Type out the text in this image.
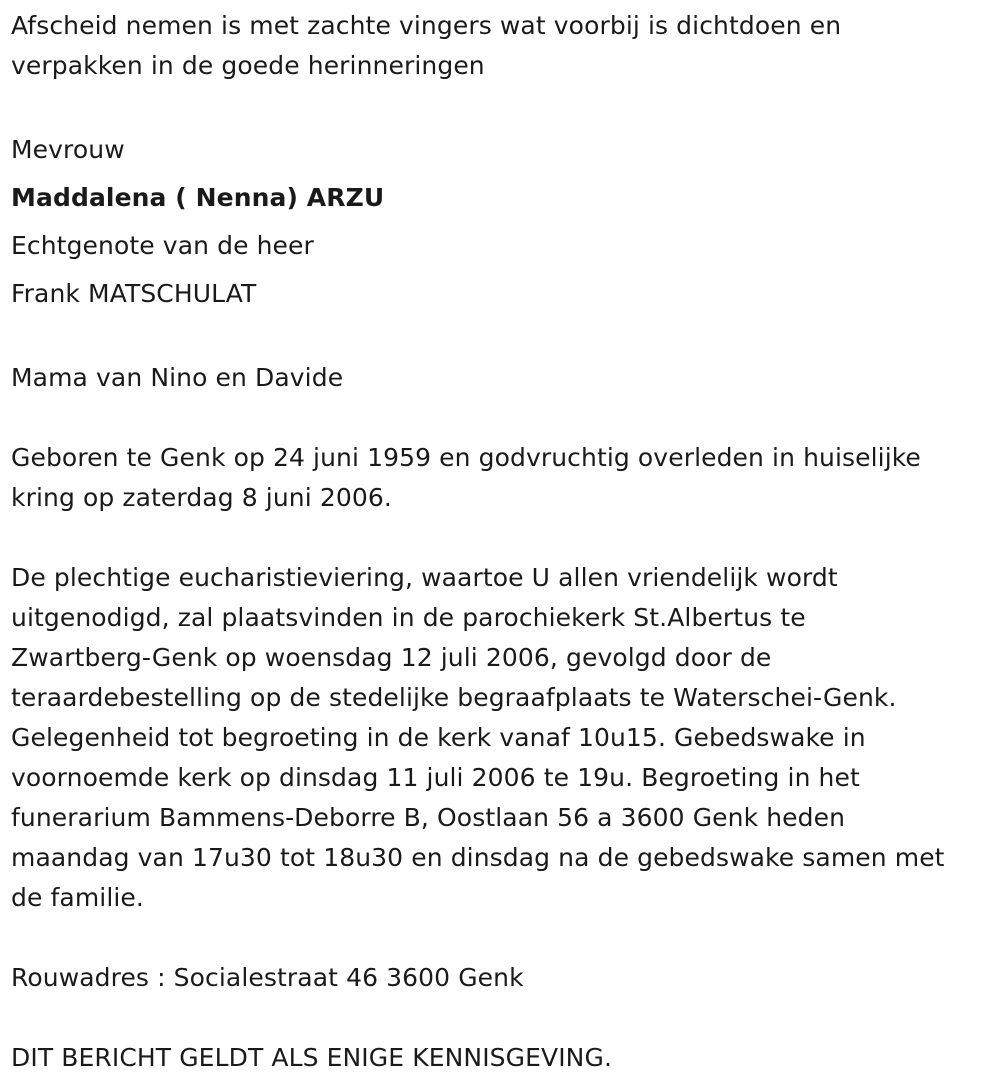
Afscheid nemen is met zachte vingers wat voorbij is dichtdoen en
verpakken in de goede herinneringen
Mevrouw
Maddalena ( Nenna) ARZU
Echtgenote van de heer
Frank MATSCHULAT
Mama van Nino en Davide
Geboren te Genk op 24 juni 1959 en godvruchtig overleden in huiselijke
kring op zaterdag 8 juni 2006.
De plechtige eucharistieviering, waartoe U allen vriendelijk wordt
uitgenodigd, zal plaatsvinden in de parochiekerk St.Albertus te
Zwartberg-Genk op woensdag 12 juli 2006, gevolgd door de
teraardebestelling op de stedelijke begraafplaats te Waterschei-Genk.
Gelegenheid tot begroeting in de kerk vanaf 10u15. Gebedswake in
voornoemde kerk op dinsdag 11 juli 2006 te 19u. Begroeting in het
funerarium Bammens-Deborre B, Oostlaan 56 a 3600 Genk heden
maandag van 17u30 tot 18u30 en dinsdag na de gebedswake samen met
de familie.
Rouwadres : Socialestraat 46 3600 Genk
DIT BERICHT GELDT ALS ENIGE KENNISGEVING.
